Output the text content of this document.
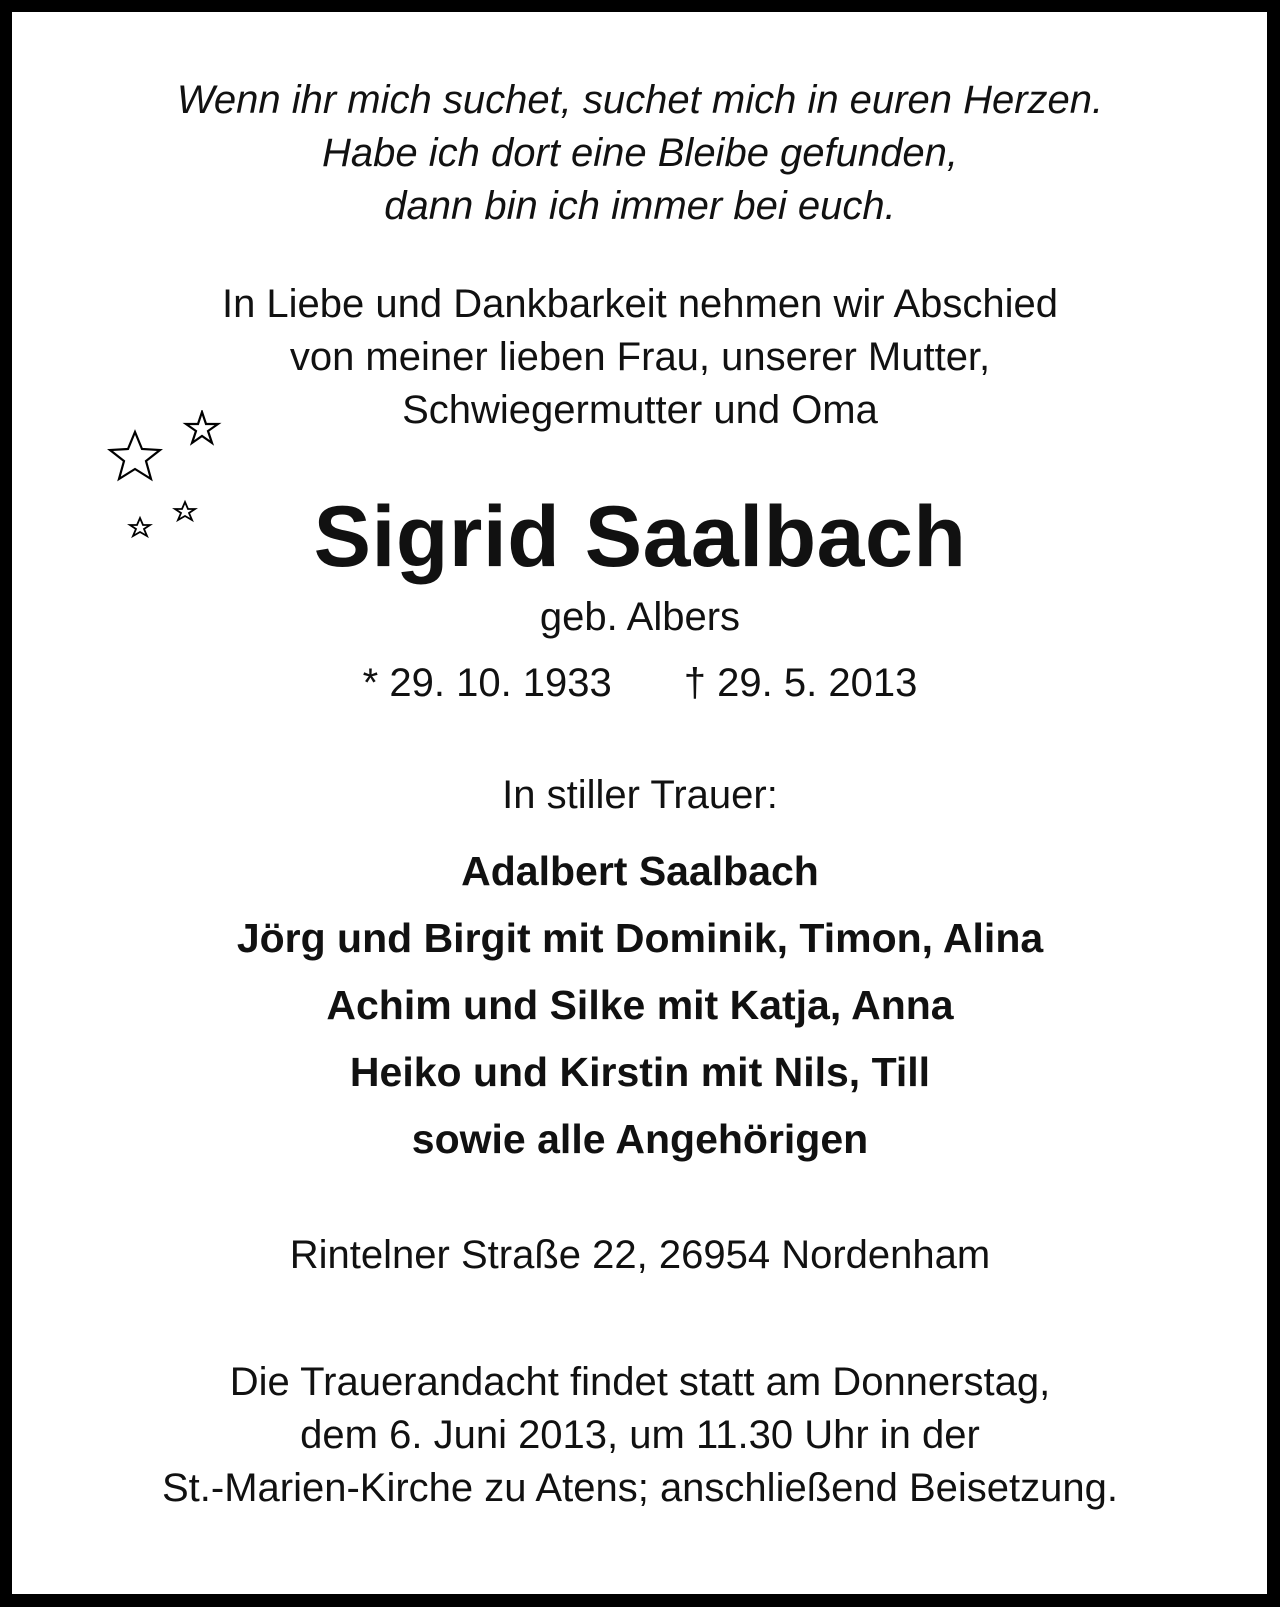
Wenn ihr mich suchet, suchet mich in euren Herzen.
Habe ich dort eine Bleibe gefunden,
dann bin ich immer bei euch.
In Liebe und Dankbarkeit nehmen wir Abschied
von meiner lieben Frau, unserer Mutter,
Schwiegermutter und Oma
Sigrid Saalbach
geb. Albers
* 29. 10. 1933 † 29. 5. 2013
In stiller Trauer:
Adalbert Saalbach
Jörg und Birgit mit Dominik, Timon, Alina
Achim und Silke mit Katja, Anna
Heiko und Kirstin mit Nils, Till
sowie alle Angehörigen
Rintelner Straße 22, 26954 Nordenham
Die Trauerandacht findet statt am Donnerstag,
dem 6. Juni 2013, um 11.30 Uhr in der
St.-Marien-Kirche zu Atens; anschließend Beisetzung.
